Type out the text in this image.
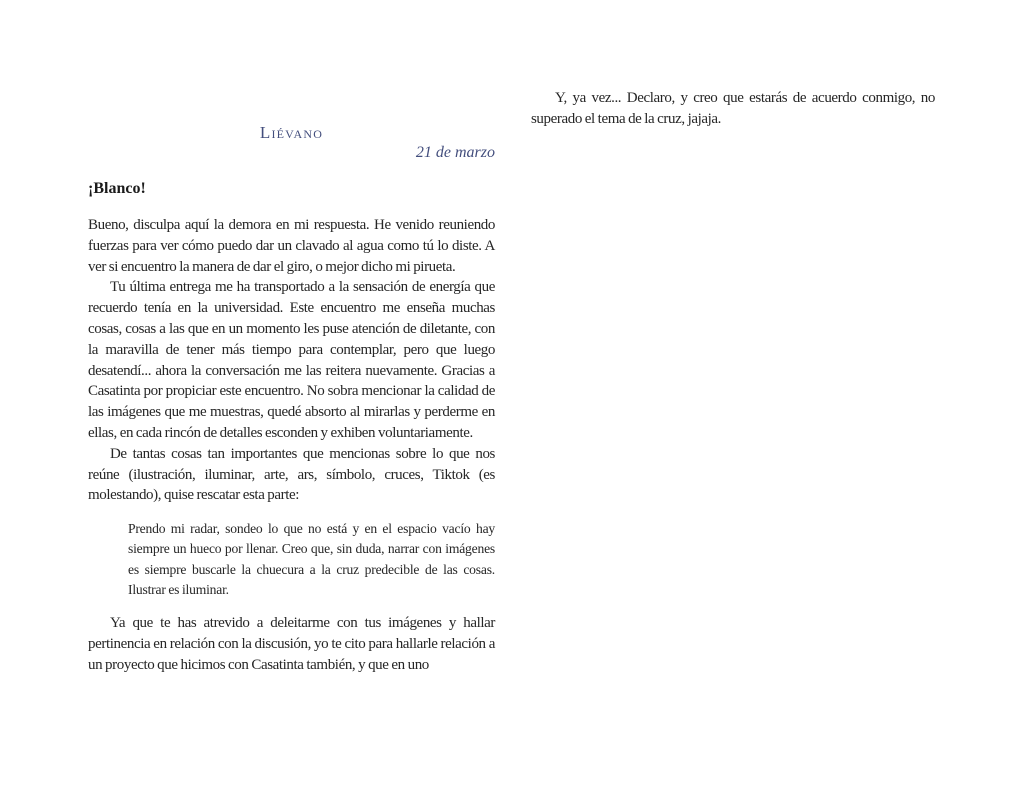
Liévano

21 de marzo

¡Blanco!

Bueno, disculpa aquí la demora en mi respuesta. He venido reuniendo fuerzas para ver cómo puedo dar un clavado al agua como tú lo diste. A ver si encuentro la manera de dar el giro, o mejor dicho mi pirueta.

Tu última entrega me ha transportado a la sensación de energía que recuerdo tenía en la universidad. Este encuentro me enseña muchas cosas, cosas a las que en un momento les puse atención de diletante, con la maravilla de tener más tiempo para contemplar, pero que luego desatendí... ahora la conversación me las reitera nuevamente. Gracias a Casatinta por propiciar este encuentro. No sobra mencionar la calidad de las imágenes que me muestras, quedé absorto al mirarlas y perderme en ellas, en cada rincón de detalles esconden y exhiben voluntariamente.

De tantas cosas tan importantes que mencionas sobre lo que nos reúne (ilustración, iluminar, arte, ars, símbolo, cruces, Tiktok (es molestando), quise rescatar esta parte:

Prendo mi radar, sondeo lo que no está y en el espacio vacío hay siempre un hueco por llenar. Creo que, sin duda, narrar con imágenes es siempre buscarle la chuecura a la cruz predecible de las cosas. Ilustrar es iluminar.

Ya que te has atrevido a deleitarme con tus imágenes y hallar pertinencia en relación con la discusión, yo te cito para hallarle relación a un proyecto que hicimos con Casatinta también, y que en uno

Y, ya vez... Declaro, y creo que estarás de acuerdo conmigo, no superado el tema de la cruz, jajaja.
